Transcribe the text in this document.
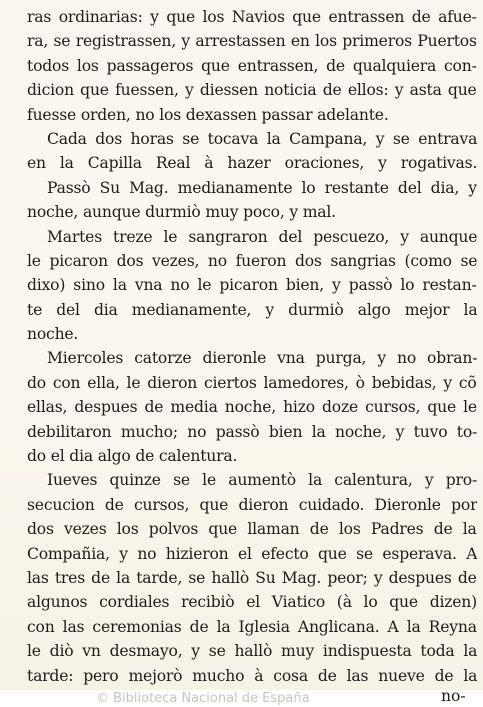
ras ordinarias: y que los Navios que entrassen de afue-
ra, se registrassen, y arrestassen en los primeros Puertos
todos los passageros que entrassen, de qualquiera con-
dicion que fuessen, y diessen noticia de ellos: y asta que
fuesse orden, no los dexassen passar adelante.
Cada dos horas se tocava la Campana, y se entrava
en la Capilla Real à hazer oraciones, y rogativas.
Passò Su Mag. medianamente lo restante del dia, y
noche, aunque durmiò muy poco, y mal.
Martes treze le sangraron del pescuezo, y aunque
le picaron dos vezes, no fueron dos sangrias (como se
dixo) sino la vna no le picaron bien, y passò lo restan-
te del dia medianamente, y durmiò algo mejor la
noche.
Miercoles catorze dieronle vna purga, y no obran-
do con ella, le dieron ciertos lamedores, ò bebidas, y cõ
ellas, despues de media noche, hizo doze cursos, que le
debilitaron mucho; no passò bien la noche, y tuvo to-
do el dia algo de calentura.
Iueves quinze se le aumentò la calentura, y pro-
secucion de cursos, que dieron cuidado. Dieronle por
dos vezes los polvos que llaman de los Padres de la
Compañia, y no hizieron el efecto que se esperava. A
las tres de la tarde, se hallò Su Mag. peor; y despues de
algunos cordiales recibiò el Viatico (à lo que dizen)
con las ceremonias de la Iglesia Anglicana. A la Reyna
le diò vn desmayo, y se hallò muy indispuesta toda la
tarde: pero mejorò mucho à cosa de las nueve de la
© Biblioteca Nacional de España	no-
